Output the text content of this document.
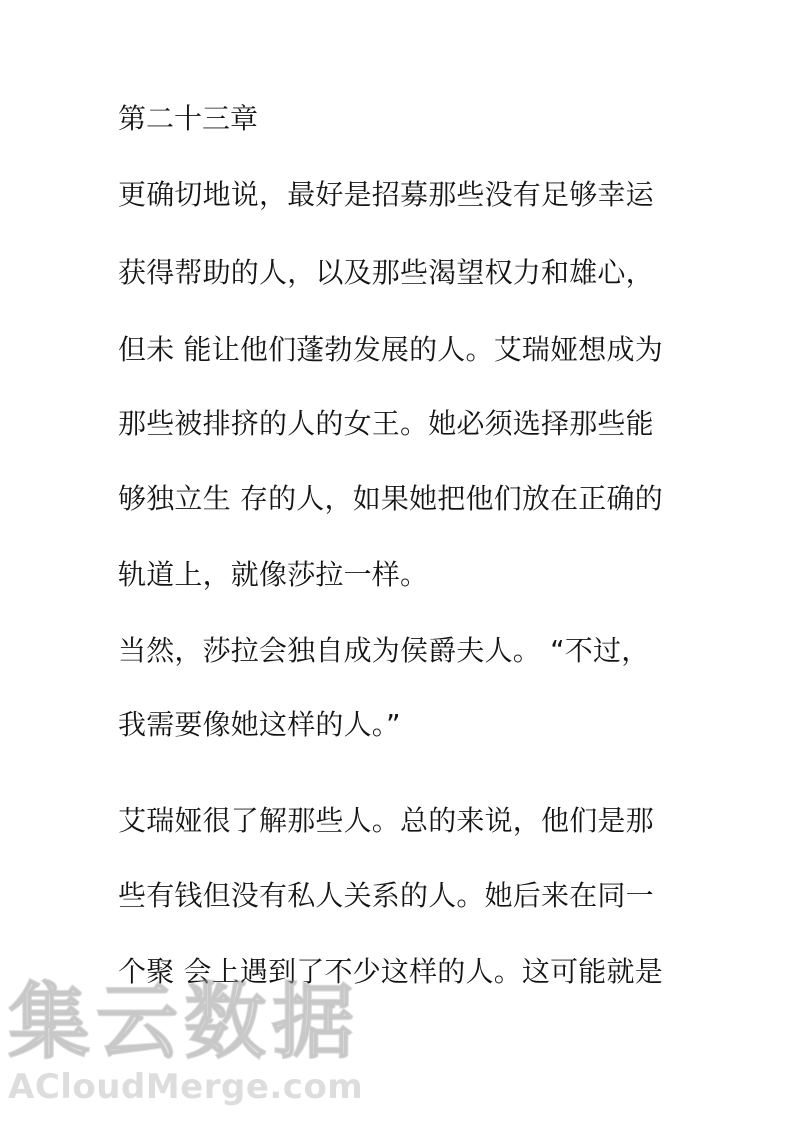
第二十三章
更确切地说，最好是招募那些没有足够幸运
获得帮助的人，以及那些渴望权力和雄心，
但未 能让他们蓬勃发展的人。艾瑞娅想成为
那些被排挤的人的女王。她必须选择那些能
够独立生 存的人，如果她把他们放在正确的
轨道上，就像莎拉一样。
当然，莎拉会独自成为侯爵夫人。 “不过，
我需要像她这样的人。”
艾瑞娅很了解那些人。总的来说，他们是那
些有钱但没有私人关系的人。她后来在同一
个聚 会上遇到了不少这样的人。这可能就是
集云数据
ACloudMerge.com
